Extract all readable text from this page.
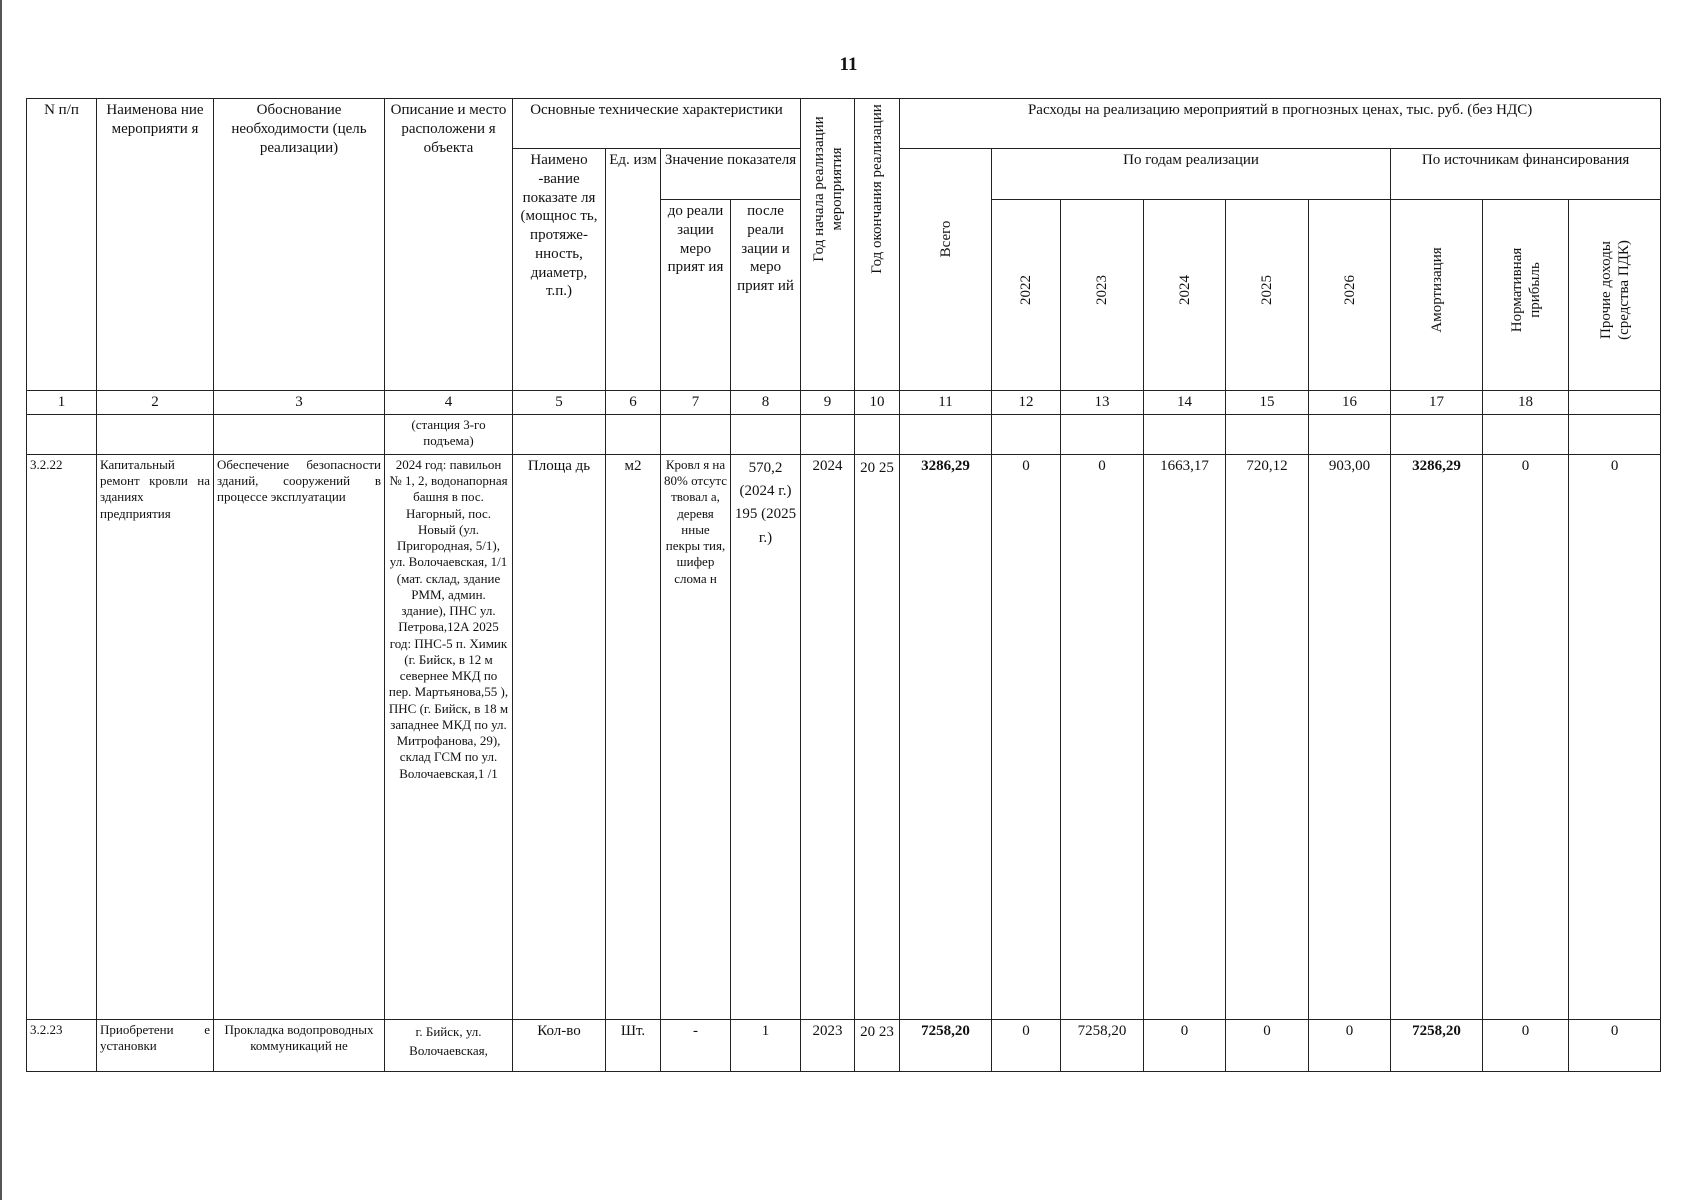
11
N п/п	Наименова ние мероприяти я	Обоснование необходимости (цель реализации)	Описание и место расположени я объекта	Основные технические характеристики				Год начала реализации мероприятия	Год окончания реализации	Расходы на реализацию мероприятий в прогнозных ценах, тыс. руб. (без НДС)								
				Наимено -вание показате ля (мощнос ть, протяже- нность, диаметр, т.п.)	Ед. изм	Значение показателя				Всего	По годам реализации					По источникам финансирования		
						до реали зации меро прият ия	после реали зации и меро прият ий				2022	2023	2024	2025	2026	Амортизация	Нормативная прибыль	Прочие доходы (средства ПДК)

1	2	3	4	5	6	7	8	9	10	11	12	13	14	15	16	17	18	
			(станция 3-го подъема)															
3.2.22	Капитальный ремонт кровли на зданиях предприятия	Обеспечение безопасности зданий, сооружений в процессе эксплуатации	2024 год: павильон № 1, 2, водонапорная башня в пос. Нагорный, пос. Новый (ул. Пригородная, 5/1), ул. Волочаевская, 1/1 (мат. склад, здание РММ, админ. здание), ПНС ул. Петрова,12А 2025 год: ПНС-5 п. Химик (г. Бийск, в 12 м севернее МКД по пер. Мартьянова,55 ), ПНС (г. Бийск, в 18 м западнее МКД по ул. Митрофанова, 29), склад ГСМ по ул. Волочаевская,1 /1	Площа дь	м2	Кровл я на 80% отсутс твовал а, деревя нные пекры тия, шифер слома н	570,2 (2024 г.) 195 (2025 г.)	2024	20 25	3286,29	0	0	1663,17	720,12	903,00	3286,29	0	0
3.2.23	Приобретени е установки	Прокладка водопроводных коммуникаций не	г. Бийск, ул. Волочаевская,	Кол-во	Шт.	-	1	2023	20 23	7258,20	0	7258,20	0	0	0	7258,20	0	0
